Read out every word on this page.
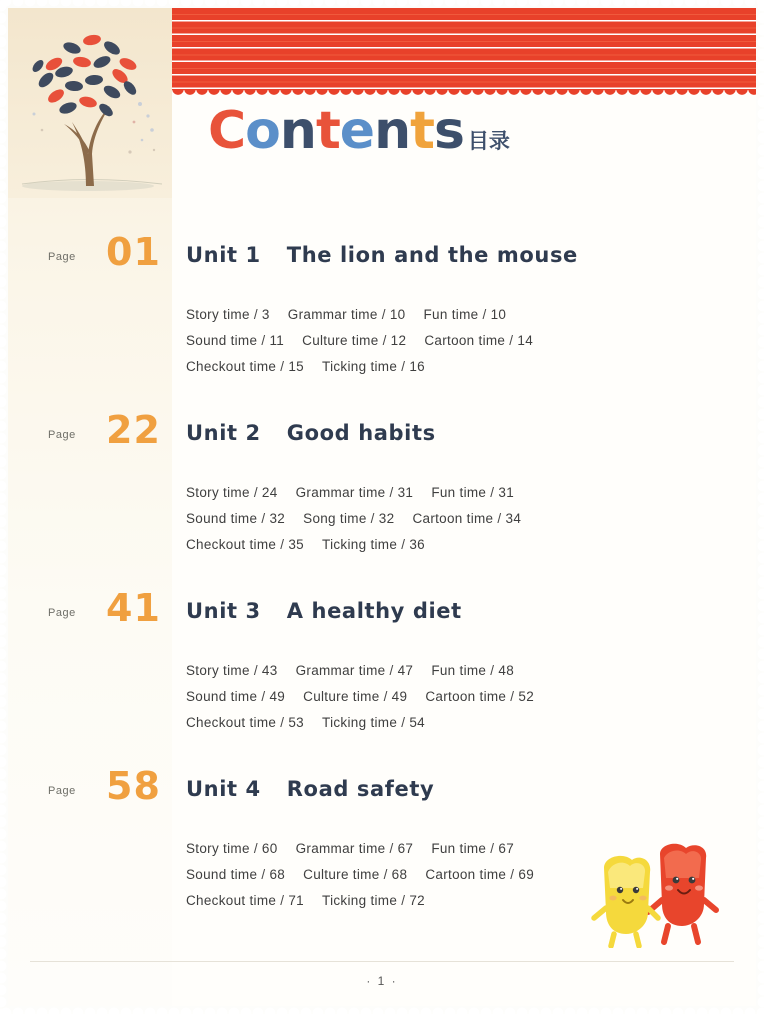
Contents 目录
Page 01 Unit 1 The lion and the mouse
Story time / 3 Grammar time / 10 Fun time / 10
Sound time / 11 Culture time / 12 Cartoon time / 14
Checkout time / 15 Ticking time / 16
Page 22 Unit 2 Good habits
Story time / 24 Grammar time / 31 Fun time / 31
Sound time / 32 Song time / 32 Cartoon time / 34
Checkout time / 35 Ticking time / 36
Page 41 Unit 3 A healthy diet
Story time / 43 Grammar time / 47 Fun time / 48
Sound time / 49 Culture time / 49 Cartoon time / 52
Checkout time / 53 Ticking time / 54
Page 58 Unit 4 Road safety
Story time / 60 Grammar time / 67 Fun time / 67
Sound time / 68 Culture time / 68 Cartoon time / 69
Checkout time / 71 Ticking time / 72
· 1 ·
